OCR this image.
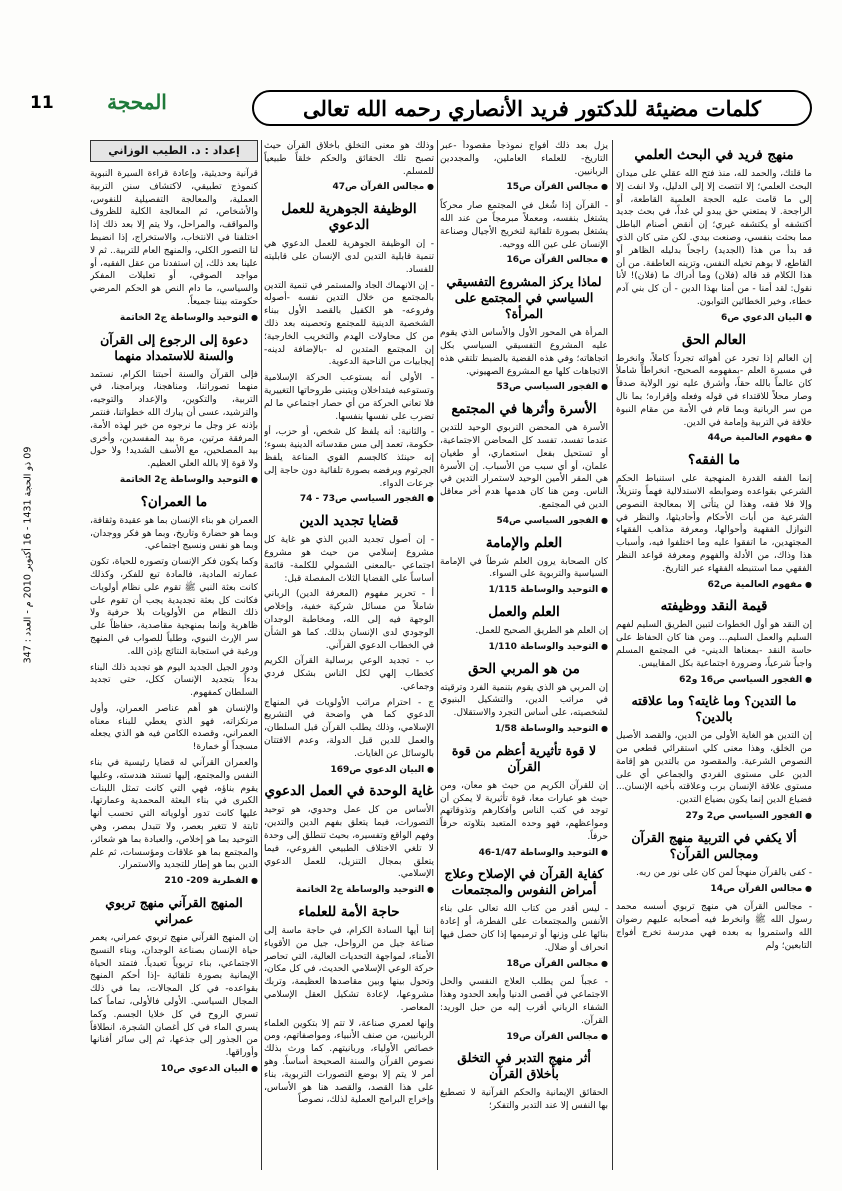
11	المحجة	كلمات مضيئة للدكتور فريد الأنصاري رحمه الله تعالى
09 ذو الحجة 1431 - 16 أكتوبر 2010 م - العدد : 347
منهج فريد في البحث العلمي

ما قلتك، والحمد لله، منذ فتح الله عقلي على ميدان البحث العلمي؛ إلا انتصت إلا إلى الدليل، ولا انفت إلا إلى ما قامت عليه الحجة العلمية القاطعة، أو الراجحة. لا يمتعني حق يبدو لي غداً، في بحث جديد أكتشفه أو يكتشفه غيري؛ إن أنقض أصنام الباطل مما بحثت بنفسي، وصنعت بيدي. لكن متى كان الذي قد بدأ من هذا (الجديد) راجحاً بدليله الظاهر أو القاطع، لا بوهم تخيله النفس، وتزينه العاطفة. من أن هذا الكلام قد قاله (فلان) وما أدراك ما (فلان)! لأنا نقول: لقد أمنا - من أمنا بهذا الدين - أن كل بني آدم خطاء، وخير الخطائين التوابون.

● البيان الدعوي ص6
العالم الحق

إن العالم إذا تجرد عن أهوائه تجرداً كاملاً، وانخرط في مسيرة العلم -بمفهومه الصحيح- انخراطاً شاملاً كان عالماً بالله حقاً، وأشرق عليه نور الولاية صدقاً وصار محلاً للاقتداء في قوله وفعله وإقراره؛ بما نال من سر الربانية وبما قام في الأمة من مقام النبوة خلافة في التربية وإمامة في الدين.

● مفهوم العالمية ص44
ما الفقه؟

إنما الفقه القدرة المنهجية على استنباط الحكم الشرعي بقواعده وضوابطه الاستدلالية فهماً وتنزيلاً، وإلا فلا فقه، وهذا لن يتأتى إلا بمعالجة النصوص الشرعية من أبات الأحكام وأحاديثها، والنظر في النوازل الفقهية وأحوالها، ومعرفة مذاهب الفقهاء المجتهدين، ما اتفقوا عليه وما اختلفوا فيه، وأسباب هذا وذاك، من الأدلة والفهوم ومعرفة قواعد النظر الفقهي مما استنبطه الفقهاء عبر التاريخ.

● مفهوم العالمية ص62
قيمة النقد ووظيفته

إن النقد هو أول الخطوات لتبين الطريق السليم لفهم السليم والعمل السليم... ومن هنا كان الحفاظ على حاسة النقد -بمعناها الديني- في المجتمع المسلم واجباً شرعياً، وضرورة اجتماعية بكل المقاييس.

● الفجور السياسي ص16 و62
ما التدين؟ وما غايته؟ وما علاقته بالدين؟

إن التدين هو الغاية الأولى من الدين، والقصد الأصيل من الخلق، وهذا معنى كلي استقرائي قطعي من النصوص الشرعية. والمقصود من بالتدين هو إقامة الدين على مستوى الفردي والجماعي أي على مستوى علاقة الإنسان برب وعلاقته بأخيه الإنسان... فضياع الدين إنما يكون بضياع التدين.

● الفجور السياسي ص2 و27
ألا يكفي في التربية منهج القرآن ومجالس القرآن؟

- كفى بالقرآن منهجاً لمن كان على نور من ربه.

● مجالس القرآن ص14

- مجالس القرآن هي منهج تربوي أسسه محمد رسول الله ﷺ وانخرط فيه أصحابه عليهم رضوان الله واستمروا به بعده فهي مدرسة تخرج أفواج التابعين؛ ولم

يزل بعد ذلك أفواج نموذجاً مقصوداً -عبر التاريخ- للعلماء العاملين، والمجددين الربانيين.

● مجالس القرآن ص15

- القرآن إذا شُغل في المجتمع صار محركاً يشتغل بنفسه، ومعملاً مبرمجاً من عند الله يشتغل بصورة تلقائية لتخريج الأجيال وصناعة الإنسان على عين الله ووحيه.

● مجالس القرآن ص16
لماذا يركز المشروع التفسيقي السياسي في المجتمع على المرأة؟

المرأة هي المحور الأول والأساس الذي يقوم عليه المشروع التفسيقي السياسي بكل اتجاهاته؛ وفي هذه القضية بالضبط تلتقي هذه الاتجاهات كلها مع المشروع الصهيوني.

● الفجور السياسي ص53
الأسرة وأثرها في المجتمع

الأسرة هي المحضن التربوي الوحيد للتدين عندما تفسد، تفسد كل المحاضن الاجتماعية، أو تستحيل بفعل استعماري، أو طغيان علمان، أو أي سبب من الأسباب. إن الأسرة هي المقر الأمين الوحيد لاستمرار التدين في الناس. ومن هنا كان هدمها هدم أخر معاقل الدين في المجتمع.

● الفجور السياسي ص54
العلم والإمامة

كان الصحابة يرون العلم شرطاً في الإمامة السياسية والتربوية على السواء.

● التوحيد والوساطة 1/115
العلم والعمل

إن العلم هو الطريق الصحيح للعمل.

● التوحيد والوساطة 1/110
من هو المربي الحق

إن المربي هو الذي يقوم بتنمية الفرد وترقيته في مراتب الدين، والتشكيل البنيوي لشخصيته، على أساس التجرد والاستقلال.

● التوحيد والوساطة 1/58
لا قوة تأثيرية أعظم من قوة القرآن

إن للقرآن الكريم من حيث هو معان، ومن حيث هو عبارات معا، قوة تأثيرية لا يمكن أن توجد في كتب الناس وأفكارهم وتذوقاتهم ومواعظهم، فهو وحده المتعبد بتلاوته حرفاً حرفاً.

● التوحيد والوساطة 1/47-46
كفاية القرآن في الإصلاح وعلاج أمراض النفوس والمجتمعات

- ليس أقدر من كتاب الله تعالى على بناء الأنفس والمجتمعات على الفطرة، أو إعادة بنائها على وزنها أو ترميمها إذا كان حصل فيها انحراف أو ضلال.

● مجالس القرآن ص18

- عجباً لمن يطلب العلاج النفسي والحل الاجتماعي في أقصى الدنيا وأبعد الحدود وهذا الشفاء الرباني أقرب إليه من حبل الوريد: القرآن.

● مجالس القرآن ص19
أثر منهج التدبر في التخلق بأخلاق القرآن

الحقائق الإيمانية والحكم القرآنية لا تصطبغ بها النفس إلا عند التدبر والتفكر؛

وذلك هو معنى التخلق بأخلاق القرآن حيث تصبح تلك الحقائق والحكم خلقاً طبيعياً للمسلم.

● مجالس القرآن ص47
الوظيفة الجوهرية للعمل الدعوي

- إن الوظيفة الجوهرية للعمل الدعوي هي تنمية قابلية التدين لدى الإنسان على قابليته للفساد.

- إن الانهماك الجاد والمستمر في تنمية التدين بالمجتمع من خلال التدين نفسه -أصوله وفروعه- هو الكفيل بالقصد الأول ببناء الشخصية الدينية للمجتمع وتحصينه بعد ذلك من كل محاولات الهدم والتخريب الخارجية؛ إن المجتمع المتدين له -بالإضافة لدينه- إيجابيات من الناحية الدعوية.

- الأولى أنه يستوعب الحركة الإسلامية وتستوعبه فيتداخلان ويتبنى طروحاتها التغييرية فلا تعاني الحركة من أي حصار اجتماعي ما لم تضرب على نفسها بنفسها.

- والثانية: أنه يلفظ كل شخص، أو حزب، أو حكومة، تعمد إلى مس مقدساته الدينية بسوء؛ إنه حينئذ كالجسم القوي المناعة يلفظ الجرثوم ويرفضه بصورة تلقائية دون حاجة إلى جرعات الدواء.

● الفجور السياسي ص73 - 74
قضايا تجديد الدين

- إن أصول تجديد الدين الذي هو غاية كل مشروع إسلامي من حيث هو مشروع اجتماعي -بالمعنى الشمولي للكلمة- قائمة أساساً على القضايا الثلاث المفصلة قبل:

أ - تحرير مفهوم (المعرفة الدين) الرباني شاملاً من مسائل شركية خفية، وإخلاص الوجهة فيه إلى الله، ومخاطبة الوجدان الوجودي لدى الإنسان بذلك. كما هو الشأن في الخطاب الدعوي القرآني.

ب - تجديد الوعي برسالية القرآن الكريم كخطاب إلهي لكل الناس بشكل فردي وجماعي.

ج - احترام مراتب الأولويات في المنهاج الدعوي كما هي واضحة في التشريع الإسلامي، وذلك يطلب القرآن قبل السلطان، والعمل للدين قبل الدولة، وعدم الافتتان بالوسائل عن الغايات.

● البيان الدعوي ص169
غاية الوحدة في العمل الدعوي

الأساس من كل عمل وحدوي، هو توحيد التصورات، فيما يتعلق بفهم الدين والتدين، وفهم الواقع وتفسيره، بحيث تنطلق إلى وحدة لا تلغي الاختلاف الطبيعي الفروعي، فيما يتعلق بمجال التنزيل، للعمل الدعوي الإسلامي.

● التوحيد والوساطة ج2 الخاتمة
حاجة الأمة للعلماء

إننا أيها السادة الكرام، في حاجة ماسة إلى صناعة جيل من الرواحل، جيل من الأقوياء الأمناء، لمواجهة التحديات العالية، التي تحاصر حركة الوعي الإسلامي الحديث، في كل مكان، وتحول بينها وبين مقاصدها العظيمة، وتربك مشروعها، لإعادة تشكيل العقل الإسلامي المعاصر.

وإنها لعمري صناعة، لا تتم إلا بتكوين العلماء الربانيين، من صنف الأنبياء، ومواصفاتهم، ومن خصائص الأولياء، وربانيتهم. كما ورث بذلك نصوص القرآن والسنة الصحيحة أساساً. وهو أمر لا يتم إلا بوضع التصورات التربوية، بناء على هذا القصد، والقصد هنا هو الأساس، وإخراج البرامج العملية لذلك، نصوصاً

إعداد : د. الطيب الوزاني

قرآنية وحديثية، وإعادة قراءة السيرة النبوية كنموذج تطبيقي، لاكتشاف سنن التربية العملية، والمعالجة التفصيلية للنفوس، والأشخاص، ثم المعالجة الكلية للظروف والمواقف، والمراحل، ولا يتم إلا بعد ذلك إذا اختلفنا في الانتخاب، والاستخراج، إذا انضبط لنا التصور الكلي، والمنهج العام للتربية.. ثم لا علينا بعد ذلك، إن استفدنا من عقل الفقيه، أو مواجد الصوفي، أو تعليلات المفكر والسياسي، ما دام النص هو الحكم المرضي حكومته بيننا جميعاً.

● التوحيد والوساطة ج2 الخاتمة
دعوة إلى الرجوع إلى القرآن والسنة للاستمداد منهما

فإلى القرآن والسنة أحبتنا الكرام، نستمد منهما تصوراتنا، ومناهجنا، وبرامجنا، في التربية، والتكوين، والإعداد والتوجيه، والترشيد، عسى أن يبارك الله خطواتنا، فنتمر بإذنه عز وجل ما نرجوه من خير لهذه الأمة، المرفقة مرتين، مرة بيد المفسدين، وأخرى بيد المصلحين، مع الأسف الشديد! ولا حول ولا قوة إلا بالله العلي العظيم.

● التوحيد والوساطة ج2 الخاتمة
ما العمران؟

العمران هو بناء الإنسان بما هو عقيدة وثقافة، وبما هو حضارة وتاريخ، وبما هو فكر ووجدان، وبما هو نفس ونسيج اجتماعي.

وكما يكون فكر الإنسان وتصوره للحياة، تكون عمارته المادية، فالمادة تبع للفكر، وكذلك كانت بعثة النبي ﷺ تقوم على نظام أولويات فكانت كل بعثة تجديدية يجب أن تقوم على ذلك النظام من الأولويات بلا حرفية ولا ظاهرية وإنما بمنهجية مقاصدية، حفاظاً على سر الإرث النبوي، وطلباً للصواب في المنهج ورغبة في استجابة النتائج بإذن الله.

ودور الجيل الجديد اليوم هو تجديد ذلك البناء بدءاً بتجديد الإنسان ككل، حتى تجديد السلطان كمفهوم.

والإنسان هو أهم عناصر العمران، وأول مرتكزاته، فهو الذي يعطي للبناء معناه العمراني، وقصده الكامن فيه هو الذي يجعله مسجداً أو خمارة!

والعمران القرآني له قضايا رئيسية في بناء النفس والمجتمع، إليها تستند هندسته، وعليها يقوم بناؤه، فهي التي كانت تمثل اللبنات الكبرى في بناء البعثة المحمدية وعمارتها، عليها كانت تدور أولوياته التي تحسب أنها ثابتة لا تتغير بعصر، ولا تتبدل بمصر، وهي التوحيد بما هو إخلاص، والعبادة بما هو شعائر، والمجتمع بما هو علاقات ومؤسسات، ثم علم الدين بما هو إطار للتجديد والاستمرار.

● الفطرية 209- 210
المنهج القرآني منهج تربوي عمراني

إن المنهج القرآني منهج تربوي عمراني، يعمر حياة الإنسان بصناعة الوجدان، وبناء النسيج الاجتماعي، بناء تربوياً تعبدياً. فتمتد الحياة الإيمانية بصورة تلقائية -إذا أحكم المنهج بقواعده- في كل المجالات، بما في ذلك المجال السياسي. الأولى فالأولى، تماماً كما تسري الروح في كل خلايا الجسم. وكما يسري الماء في كل أغصان الشجرة، انطلاقاً من الجذور إلى جذعها، ثم إلى سائر أفنانها وأوراقها.

● البيان الدعوي ص10
